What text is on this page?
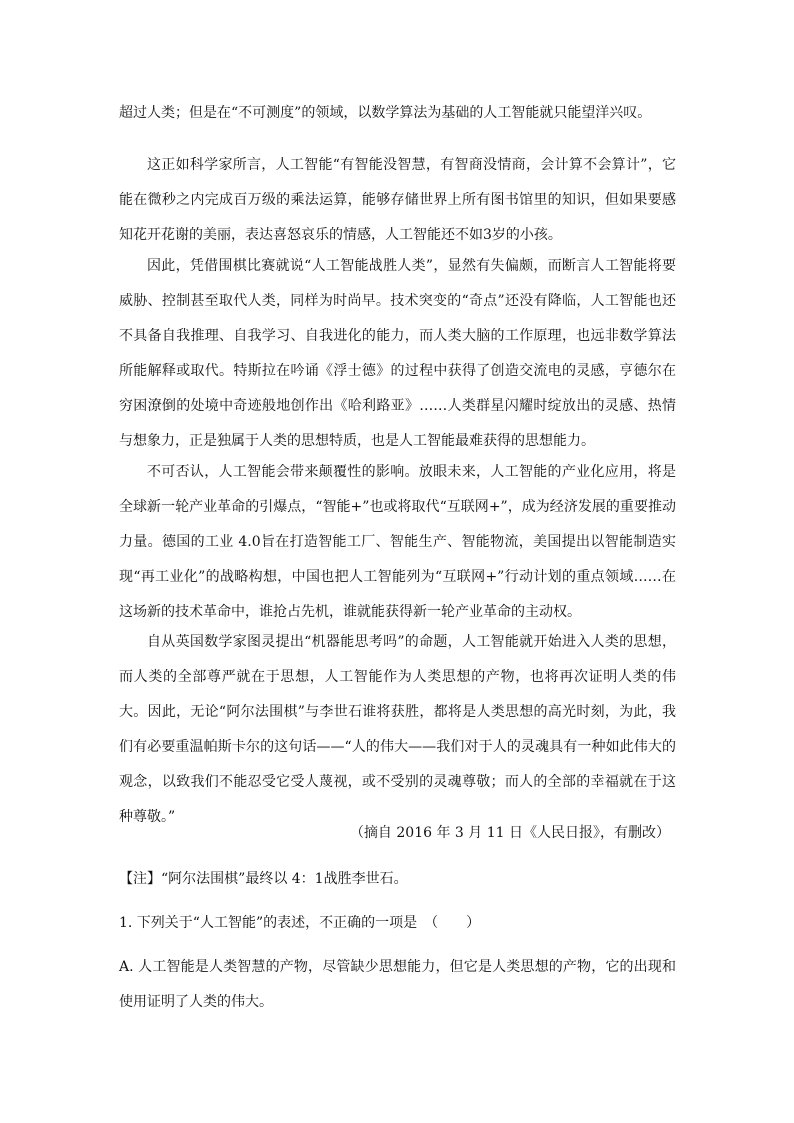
超过人类；但是在“不可测度”的领域，以数学算法为基础的人工智能就只能望洋兴叹。

这正如科学家所言，人工智能“有智能没智慧，有智商没情商，会计算不会算计”，它能在微秒之内完成百万级的乘法运算，能够存储世界上所有图书馆里的知识，但如果要感知花开花谢的美丽，表达喜怒哀乐的情感，人工智能还不如3岁的小孩。

因此，凭借围棋比赛就说“人工智能战胜人类”，显然有失偏颇，而断言人工智能将要威胁、控制甚至取代人类，同样为时尚早。技术突变的“奇点”还没有降临，人工智能也还不具备自我推理、自我学习、自我进化的能力，而人类大脑的工作原理，也远非数学算法所能解释或取代。特斯拉在吟诵《浮士德》的过程中获得了创造交流电的灵感，亨德尔在穷困潦倒的处境中奇迹般地创作出《哈利路亚》……人类群星闪耀时绽放出的灵感、热情与想象力，正是独属于人类的思想特质，也是人工智能最难获得的思想能力。

不可否认，人工智能会带来颠覆性的影响。放眼未来，人工智能的产业化应用，将是全球新一轮产业革命的引爆点，“智能+”也或将取代“互联网+”，成为经济发展的重要推动力量。德国的工业 4.0旨在打造智能工厂、智能生产、智能物流，美国提出以智能制造实现“再工业化”的战略构想，中国也把人工智能列为“互联网+”行动计划的重点领域……在这场新的技术革命中，谁抢占先机，谁就能获得新一轮产业革命的主动权。

自从英国数学家图灵提出“机器能思考吗”的命题，人工智能就开始进入人类的思想，而人类的全部尊严就在于思想，人工智能作为人类思想的产物，也将再次证明人类的伟大。因此，无论“阿尔法围棋”与李世石谁将获胜，都将是人类思想的高光时刻，为此，我们有必要重温帕斯卡尔的这句话——“人的伟大——我们对于人的灵魂具有一种如此伟大的观念，以致我们不能忍受它受人蔑视，或不受别的灵魂尊敬；而人的全部的幸福就在于这种尊敬。”

（摘自 2016 年 3 月 11 日《人民日报》，有删改）

【注】“阿尔法围棋”最终以 4：1战胜李世石。

1. 下列关于“人工智能”的表述，不正确的一项是　（　　）

A. 人工智能是人类智慧的产物，尽管缺少思想能力，但它是人类思想的产物，它的出现和使用证明了人类的伟大。
